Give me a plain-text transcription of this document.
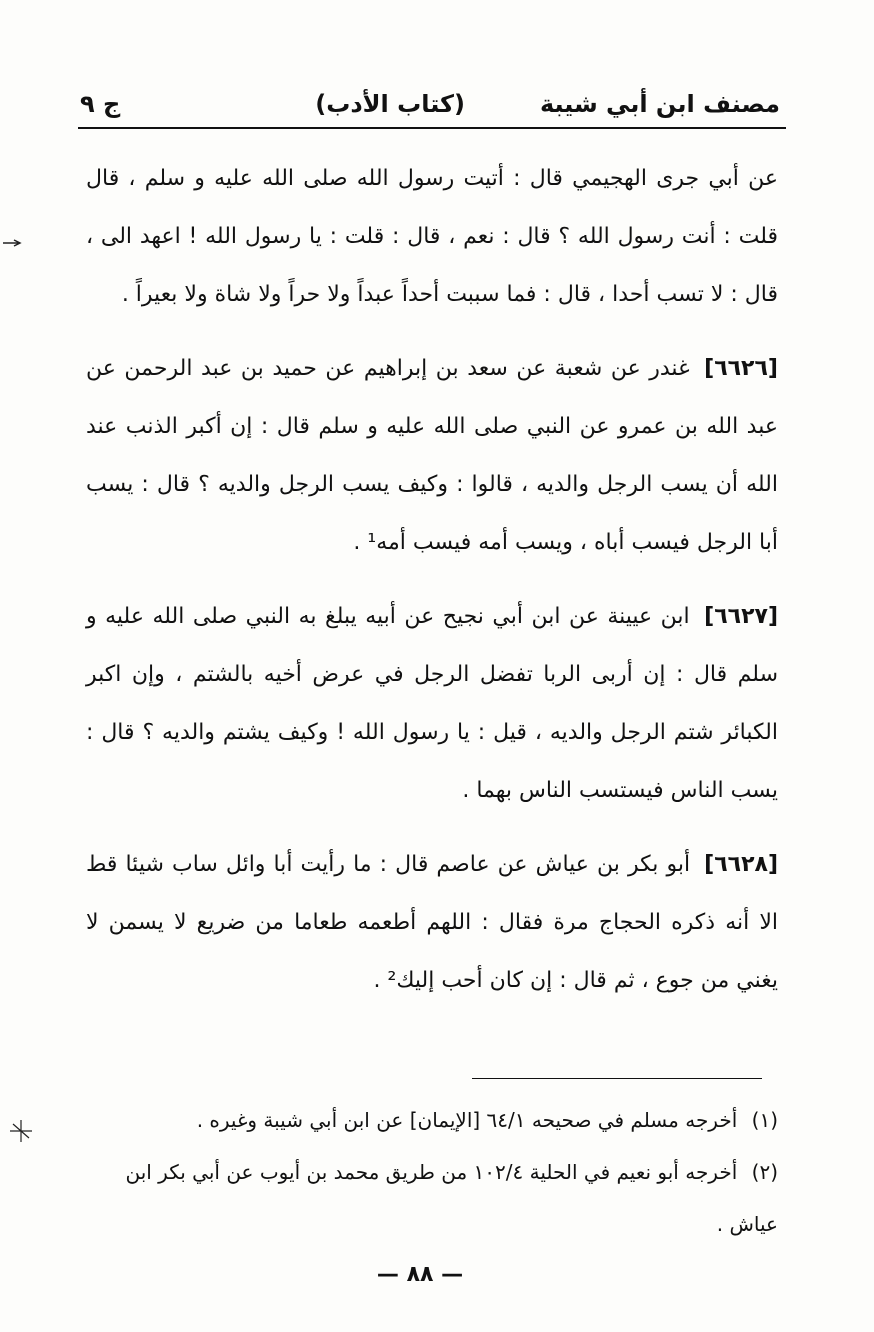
مصنف ابن أبي شيبة
(كتاب الأدب)
ج ٩

عن أبي جرى الهجيمي قال : أتيت رسول الله صلى الله عليه و سلم ، قال قلت : أنت رسول الله ؟ قال : نعم ، قال : قلت : يا رسول الله ! اعهد الى ، قال : لا تسب أحدا ، قال : فما سببت أحداً عبداً ولا حراً ولا شاة ولا بعيراً .

[٦٦٢٦] غندر عن شعبة عن سعد بن إبراهيم عن حميد بن عبد الرحمن عن عبد الله بن عمرو عن النبي صلى الله عليه و سلم قال : إن أكبر الذنب عند الله أن يسب الرجل والديه ، قالوا : وكيف يسب الرجل والديه ؟ قال : يسب أبا الرجل فيسب أباه ، ويسب أمه فيسب أمه¹ .

[٦٦٢٧] ابن عيينة عن ابن أبي نجيح عن أبيه يبلغ به النبي صلى الله عليه و سلم قال : إن أربى الربا تفضل الرجل في عرض أخيه بالشتم ، وإن اكبر الكبائر شتم الرجل والديه ، قيل : يا رسول الله ! وكيف يشتم والديه ؟ قال : يسب الناس فيستسب الناس بهما .

[٦٦٢٨] أبو بكر بن عياش عن عاصم قال : ما رأيت أبا وائل ساب شيئا قط الا أنه ذكره الحجاج مرة فقال : اللهم أطعمه طعاما من ضريع لا يسمن لا يغني من جوع ، ثم قال : إن كان أحب إليك² .

(١) أخرجه مسلم في صحيحه ٦٤/١ [الإيمان] عن ابن أبي شيبة وغيره .

(٢) أخرجه أبو نعيم في الحلية ١٠٢/٤ من طريق محمد بن أيوب عن أبي بكر ابن عياش .

— ٨٨ —
